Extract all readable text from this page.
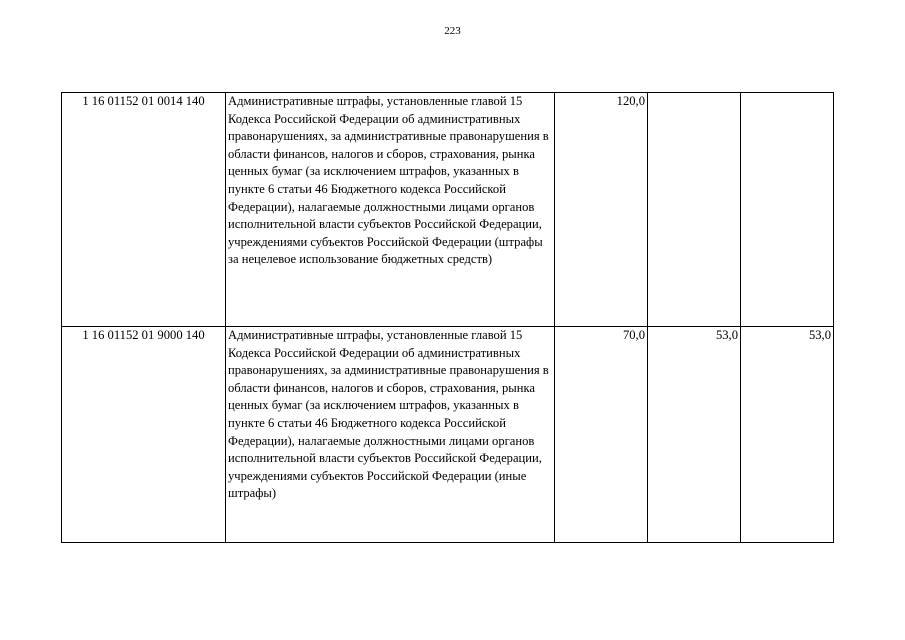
223
1 16 01152 01 0014 140	Административные штрафы, установленные главой 15 Кодекса Российской Федерации об административных правонарушениях, за административные правонарушения в области финансов, налогов и сборов, страхования, рынка ценных бумаг (за исключением штрафов, указанных в пункте 6 статьи 46 Бюджетного кодекса Российской Федерации), налагаемые должностными лицами органов исполнительной власти субъектов Российской Федерации, учреждениями субъектов Российской Федерации (штрафы за нецелевое использование бюджетных средств)	120,0		
1 16 01152 01 9000 140	Административные штрафы, установленные главой 15 Кодекса Российской Федерации об административных правонарушениях, за административные правонарушения в области финансов, налогов и сборов, страхования, рынка ценных бумаг (за исключением штрафов, указанных в пункте 6 статьи 46 Бюджетного кодекса Российской Федерации), налагаемые должностными лицами органов исполнительной власти субъектов Российской Федерации, учреждениями субъектов Российской Федерации (иные штрафы)	70,0	53,0	53,0
